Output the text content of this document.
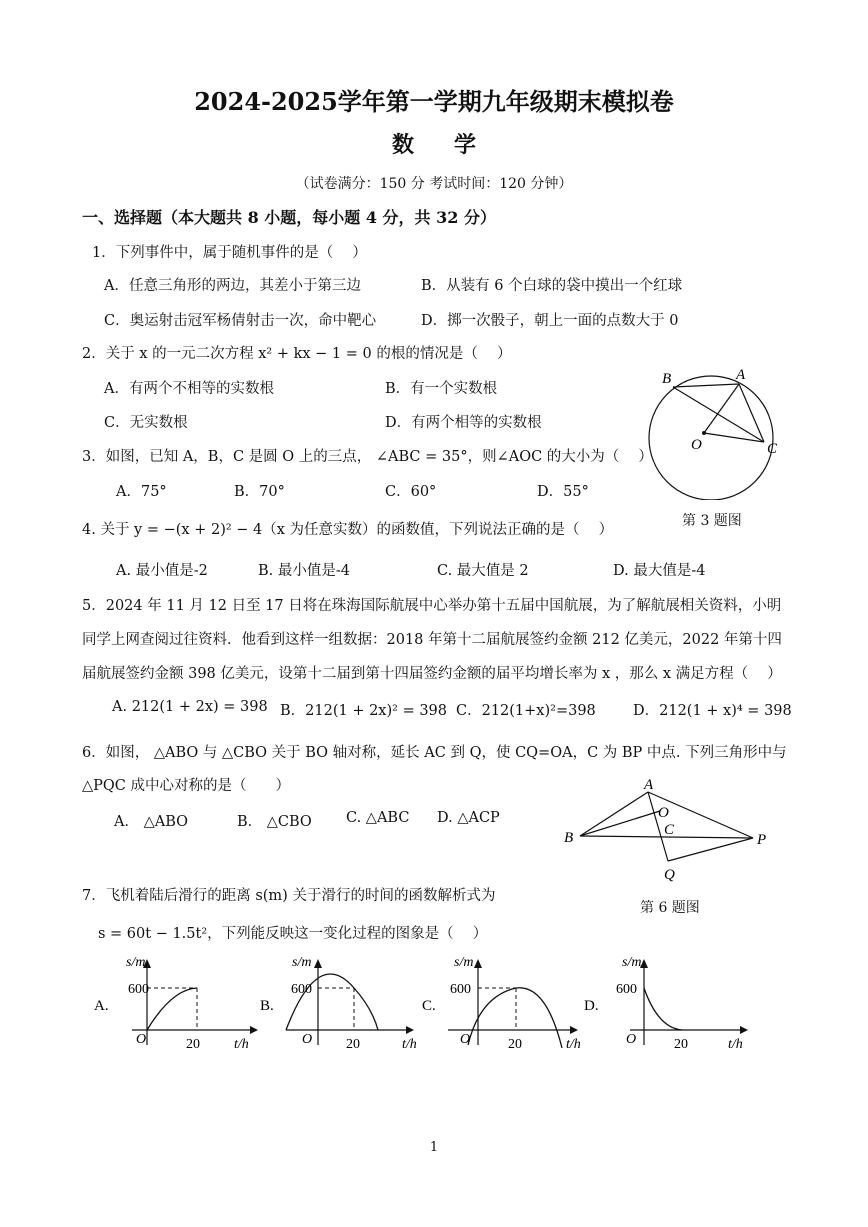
2024-2025学年第一学期九年级期末模拟卷
数学
（试卷满分：150 分 考试时间：120 分钟）
一、选择题（本大题共 8 小题，每小题 4 分，共 32 分）
1．下列事件中，属于随机事件的是（　 ）
A．任意三角形的两边，其差小于第三边	B．从装有 6 个白球的袋中摸出一个红球
C．奥运射击冠军杨倩射击一次，命中靶心	D．掷一次骰子，朝上一面的点数大于 0
2．关于 x 的一元二次方程 x² + kx − 1 = 0 的根的情况是（　 ）
A．有两个不相等的实数根	B．有一个实数根
C．无实数根	D．有两个相等的实数根
3．如图，已知 A，B，C 是圆 O 上的三点， ∠ABC = 35°，则∠AOC 的大小为（　 ）
A．75°	B．70°	C．60°	D．55°
B	A
O	C
第 3 题图
4. 关于 y = −(x + 2)² − 4（x 为任意实数）的函数值，下列说法正确的是（　 ）
A. 最小值是-2	B. 最小值是-4	C. 最大值是 2	D. 最大值是-4
5．2024 年 11 月 12 日至 17 日将在珠海国际航展中心举办第十五届中国航展，为了解航展相关资料，小明
同学上网查阅过往资料．他看到这样一组数据：2018 年第十二届航展签约金额 212 亿美元，2022 年第十四
届航展签约金额 398 亿美元，设第十二届到第十四届签约金额的届平均增长率为 x ，那么 x 满足方程（　 ）
A. 212(1 + 2x) = 398 B．212(1 + 2x)² = 398 C．212(1+x)²=398	D．212(1 + x)⁴ = 398
6．如图， △ABO 与 △CBO 关于 BO 轴对称，延长 AC 到 Q，使 CQ=OA，C 为 BP 中点. 下列三角形中与
△PQC 成中心对称的是（　　）
A． △ABO	B． △CBO C. △ABC D. △ACP
A
O
C
B	P
Q
第 6 题图
7．飞机着陆后滑行的距离 s(m) 关于滑行的时间的函数解析式为
s = 60t − 1.5t²，下列能反映这一变化过程的图象是（　 ）
A.
s/m
600
20
O	t/h
B.
s/m
600
20
O	t/h
C.
s/m
600
20
O	t/h
D.
s/m
600
20
O	t/h
1
